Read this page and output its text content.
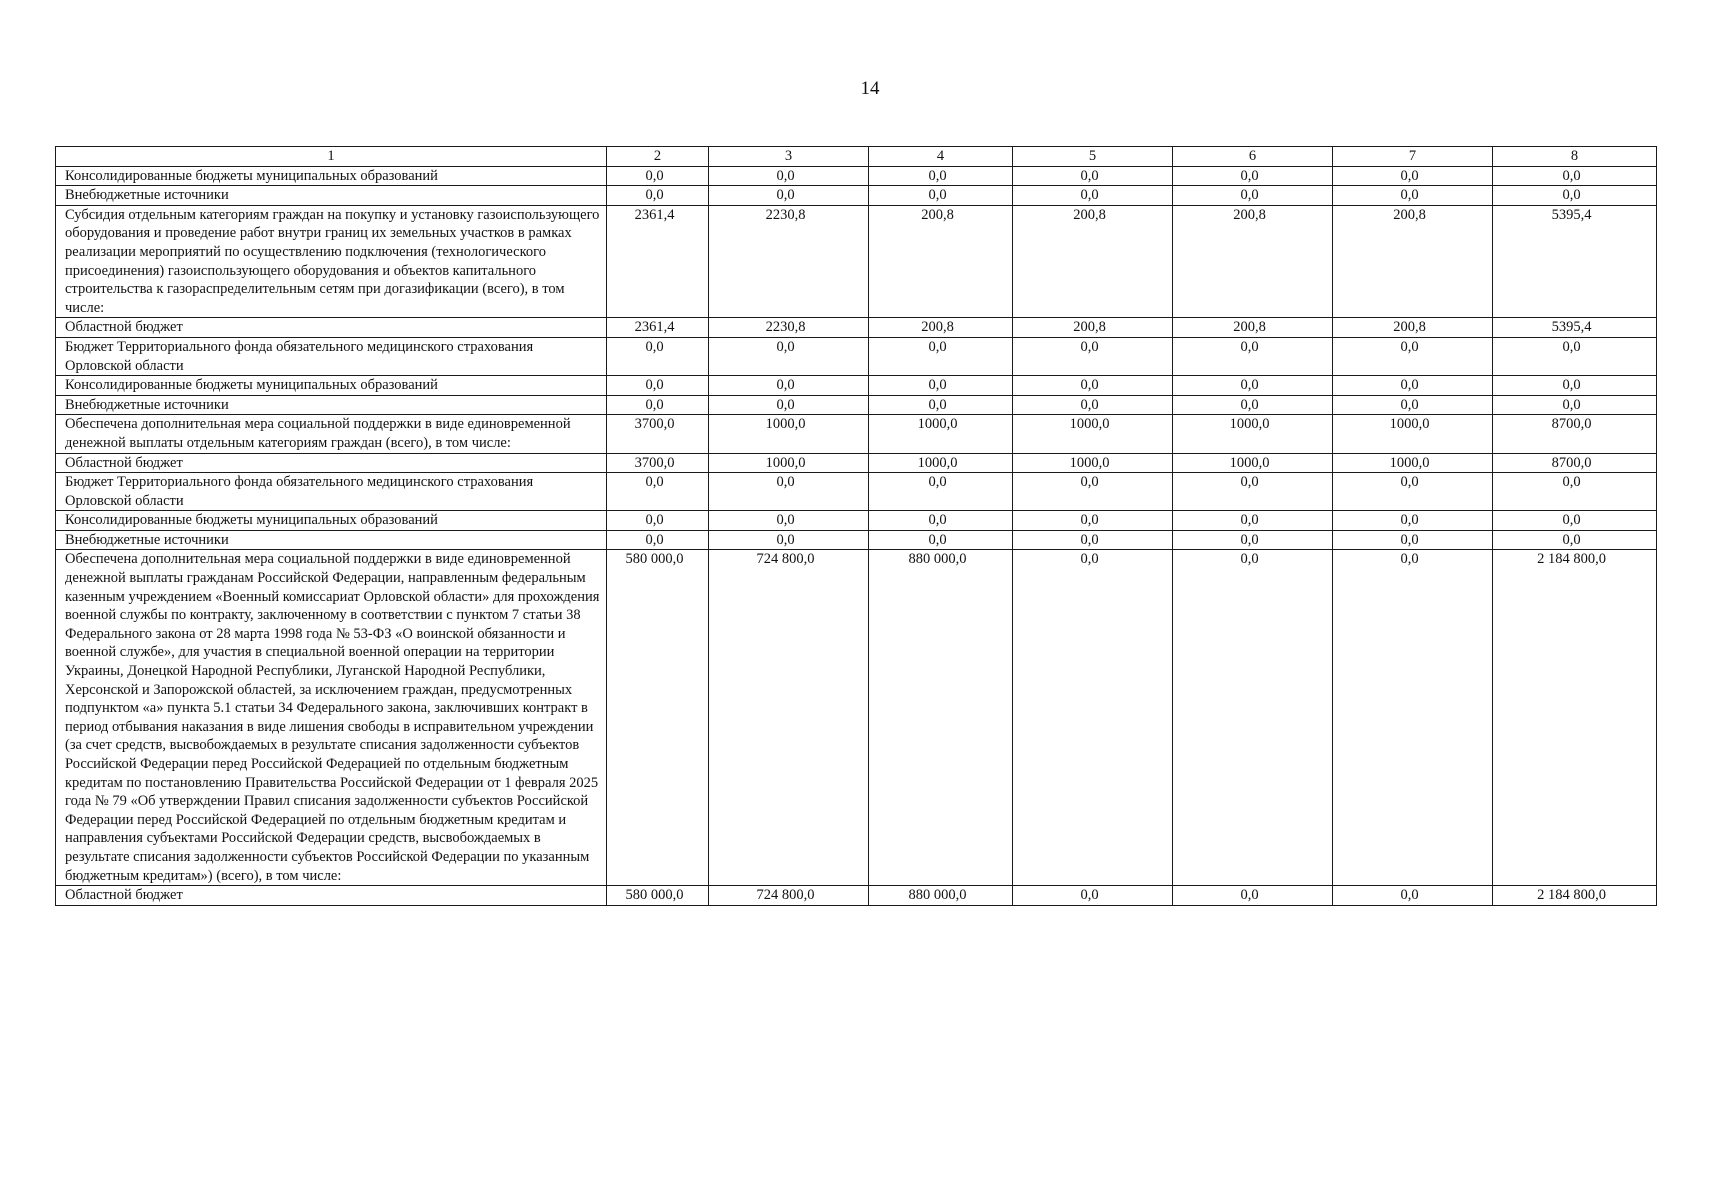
14
1	2	3	4	5	6	7	8
Консолидированные бюджеты муниципальных образований	0,0	0,0	0,0	0,0	0,0	0,0	0,0
Внебюджетные источники	0,0	0,0	0,0	0,0	0,0	0,0	0,0
Субсидия отдельным категориям граждан на покупку и установку газоиспользующего оборудования и проведение работ внутри границ их земельных участков в рамках реализации мероприятий по осуществлению подключения (технологического присоединения) газоиспользующего оборудования и объектов капитального строительства к газораспределительным сетям при догазификации (всего), в том числе:	2361,4	2230,8	200,8	200,8	200,8	200,8	5395,4
Областной бюджет	2361,4	2230,8	200,8	200,8	200,8	200,8	5395,4
Бюджет Территориального фонда обязательного медицинского страхования Орловской области	0,0	0,0	0,0	0,0	0,0	0,0	0,0
Консолидированные бюджеты муниципальных образований	0,0	0,0	0,0	0,0	0,0	0,0	0,0
Внебюджетные источники	0,0	0,0	0,0	0,0	0,0	0,0	0,0
Обеспечена дополнительная мера социальной поддержки в виде единовременной денежной выплаты отдельным категориям граждан (всего), в том числе:	3700,0	1000,0	1000,0	1000,0	1000,0	1000,0	8700,0
Областной бюджет	3700,0	1000,0	1000,0	1000,0	1000,0	1000,0	8700,0
Бюджет Территориального фонда обязательного медицинского страхования Орловской области	0,0	0,0	0,0	0,0	0,0	0,0	0,0
Консолидированные бюджеты муниципальных образований	0,0	0,0	0,0	0,0	0,0	0,0	0,0
Внебюджетные источники	0,0	0,0	0,0	0,0	0,0	0,0	0,0
Обеспечена дополнительная мера социальной поддержки в виде единовременной денежной выплаты гражданам Российской Федерации, направленным федеральным казенным учреждением «Военный комиссариат Орловской области» для прохождения военной службы по контракту, заключенному в соответствии с пунктом 7 статьи 38 Федерального закона от 28 марта 1998 года № 53-ФЗ «О воинской обязанности и военной службе», для участия в специальной военной операции на территории Украины, Донецкой Народной Республики, Луганской Народной Республики, Херсонской и Запорожской областей, за исключением граждан, предусмотренных подпунктом «а» пункта 5.1 статьи 34 Федерального закона, заключивших контракт в период отбывания наказания в виде лишения свободы в исправительном учреждении (за счет средств, высвобождаемых в результате списания задолженности субъектов Российской Федерации перед Российской Федерацией по отдельным бюджетным кредитам по постановлению Правительства Российской Федерации от 1 февраля 2025 года № 79 «Об утверждении Правил списания задолженности субъектов Российской Федерации перед Российской Федерацией по отдельным бюджетным кредитам и направления субъектами Российской Федерации средств, высвобождаемых в результате списания задолженности субъектов Российской Федерации по указанным бюджетным кредитам») (всего), в том числе:	580 000,0	724 800,0	880 000,0	0,0	0,0	0,0	2 184 800,0
Областной бюджет	580 000,0	724 800,0	880 000,0	0,0	0,0	0,0	2 184 800,0
